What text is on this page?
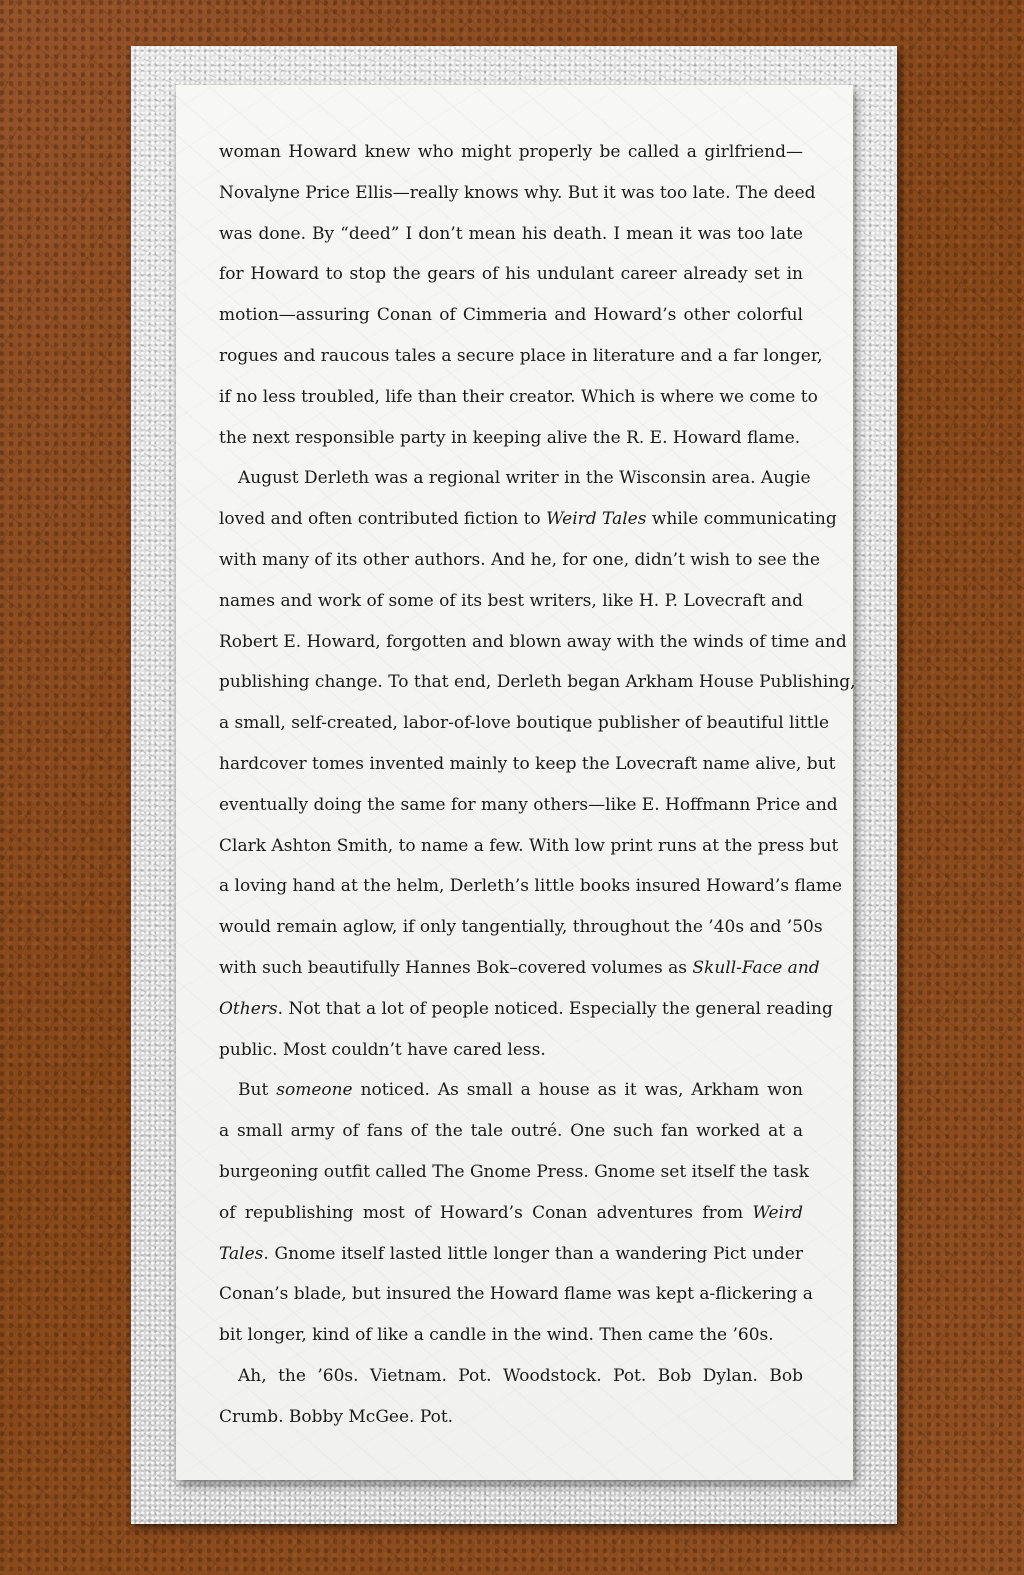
woman Howard knew who might properly be called a girlfriend—
Novalyne Price Ellis—really knows why. But it was too late. The deed
was done. By “deed” I don’t mean his death. I mean it was too late
for Howard to stop the gears of his undulant career already set in
motion—assuring Conan of Cimmeria and Howard’s other colorful
rogues and raucous tales a secure place in literature and a far longer,
if no less troubled, life than their creator. Which is where we come to
the next responsible party in keeping alive the R. E. Howard flame.
August Derleth was a regional writer in the Wisconsin area. Augie
loved and often contributed fiction to Weird Tales while communicating
with many of its other authors. And he, for one, didn’t wish to see the
names and work of some of its best writers, like H. P. Lovecraft and
Robert E. Howard, forgotten and blown away with the winds of time and
publishing change. To that end, Derleth began Arkham House Publishing,
a small, self-created, labor-of-love boutique publisher of beautiful little
hardcover tomes invented mainly to keep the Lovecraft name alive, but
eventually doing the same for many others—like E. Hoffmann Price and
Clark Ashton Smith, to name a few. With low print runs at the press but
a loving hand at the helm, Derleth’s little books insured Howard’s flame
would remain aglow, if only tangentially, throughout the ’40s and ’50s
with such beautifully Hannes Bok–covered volumes as Skull-Face and
Others. Not that a lot of people noticed. Especially the general reading
public. Most couldn’t have cared less.
But someone noticed. As small a house as it was, Arkham won
a small army of fans of the tale outré. One such fan worked at a
burgeoning outfit called The Gnome Press. Gnome set itself the task
of republishing most of Howard’s Conan adventures from Weird
Tales. Gnome itself lasted little longer than a wandering Pict under
Conan’s blade, but insured the Howard flame was kept a-flickering a
bit longer, kind of like a candle in the wind. Then came the ’60s.
Ah, the ’60s. Vietnam. Pot. Woodstock. Pot. Bob Dylan. Bob
Crumb. Bobby McGee. Pot.
